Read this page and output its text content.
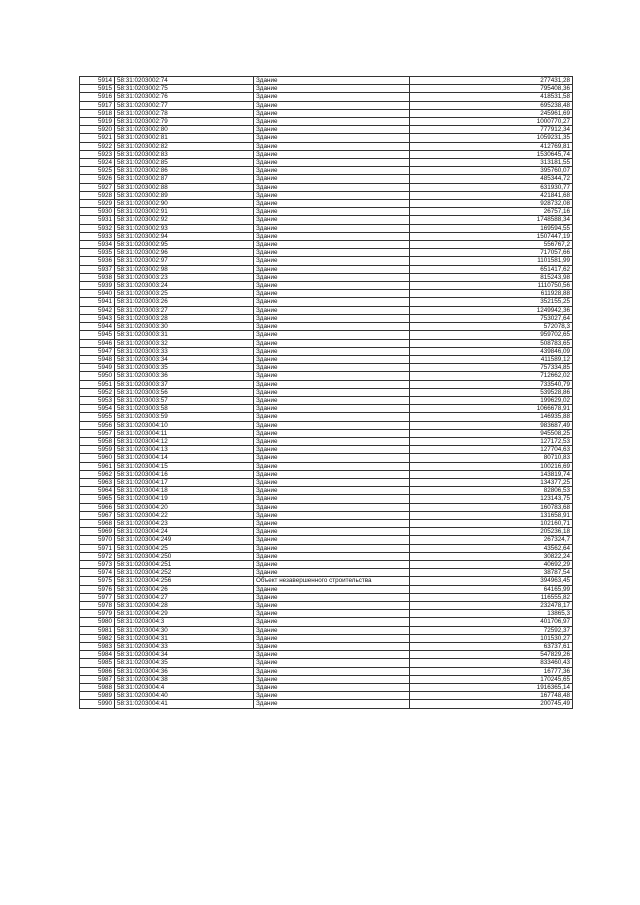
5914	58:31:0203002:74	Здание	277431,28
5915	58:31:0203002:75	Здание	795408,36
5916	58:31:0203002:76	Здание	418531,58
5917	58:31:0203002:77	Здание	695238,48
5918	58:31:0203002:78	Здание	245961,69
5919	58:31:0203002:79	Здание	1000770,27
5920	58:31:0203002:80	Здание	777912,34
5921	58:31:0203002:81	Здание	1059231,35
5922	58:31:0203002:82	Здание	412769,81
5923	58:31:0203002:83	Здание	1530645,74
5924	58:31:0203002:85	Здание	313181,55
5925	58:31:0203002:86	Здание	395760,07
5926	58:31:0203002:87	Здание	485344,72
5927	58:31:0203002:88	Здание	631930,77
5928	58:31:0203002:89	Здание	421841,68
5929	58:31:0203002:90	Здание	928732,08
5930	58:31:0203002:91	Здание	26757,16
5931	58:31:0203002:92	Здание	1748588,34
5932	58:31:0203002:93	Здание	169594,55
5933	58:31:0203002:94	Здание	1507447,19
5934	58:31:0203002:95	Здание	556767,2
5935	58:31:0203002:96	Здание	717057,66
5936	58:31:0203002:97	Здание	1101581,99
5937	58:31:0203002:98	Здание	651417,62
5938	58:31:0203003:23	Здание	815243,98
5939	58:31:0203003:24	Здание	1110750,56
5940	58:31:0203003:25	Здание	611928,88
5941	58:31:0203003:26	Здание	352155,25
5942	58:31:0203003:27	Здание	1249942,36
5943	58:31:0203003:28	Здание	753027,64
5944	58:31:0203003:30	Здание	572078,3
5945	58:31:0203003:31	Здание	959702,65
5946	58:31:0203003:32	Здание	508783,65
5947	58:31:0203003:33	Здание	439846,09
5948	58:31:0203003:34	Здание	411589,12
5949	58:31:0203003:35	Здание	757334,85
5950	58:31:0203003:36	Здание	712662,02
5951	58:31:0203003:37	Здание	733540,79
5952	58:31:0203003:56	Здание	539528,86
5953	58:31:0203003:57	Здание	199629,02
5954	58:31:0203003:58	Здание	1066678,91
5955	58:31:0203003:59	Здание	146935,88
5956	58:31:0203004:10	Здание	983687,49
5957	58:31:0203004:11	Здание	945508,25
5958	58:31:0203004:12	Здание	127172,53
5959	58:31:0203004:13	Здание	127704,63
5960	58:31:0203004:14	Здание	80710,83
5961	58:31:0203004:15	Здание	100216,69
5962	58:31:0203004:16	Здание	143819,74
5963	58:31:0203004:17	Здание	134377,25
5964	58:31:0203004:18	Здание	82806,53
5965	58:31:0203004:19	Здание	123143,75
5966	58:31:0203004:20	Здание	160783,68
5967	58:31:0203004:22	Здание	131658,91
5968	58:31:0203004:23	Здание	102160,71
5969	58:31:0203004:24	Здание	205236,18
5970	58:31:0203004:249	Здание	267324,7
5971	58:31:0203004:25	Здание	43562,64
5972	58:31:0203004:250	Здание	30822,24
5973	58:31:0203004:251	Здание	40692,29
5974	58:31:0203004:252	Здание	38787,54
5975	58:31:0203004:256	Объект незавершенного строительства	394963,45
5976	58:31:0203004:26	Здание	64165,99
5977	58:31:0203004:27	Здание	116555,82
5978	58:31:0203004:28	Здание	232478,17
5979	58:31:0203004:29	Здание	13865,3
5980	58:31:0203004:3	Здание	401706,97
5981	58:31:0203004:30	Здание	72592,37
5982	58:31:0203004:31	Здание	101530,27
5983	58:31:0203004:33	Здание	63737,61
5984	58:31:0203004:34	Здание	547829,26
5985	58:31:0203004:35	Здание	833460,43
5986	58:31:0203004:36	Здание	16777,36
5987	58:31:0203004:38	Здание	170245,65
5988	58:31:0203004:4	Здание	1916365,14
5989	58:31:0203004:40	Здание	167748,48
5990	58:31:0203004:41	Здание	200745,49
